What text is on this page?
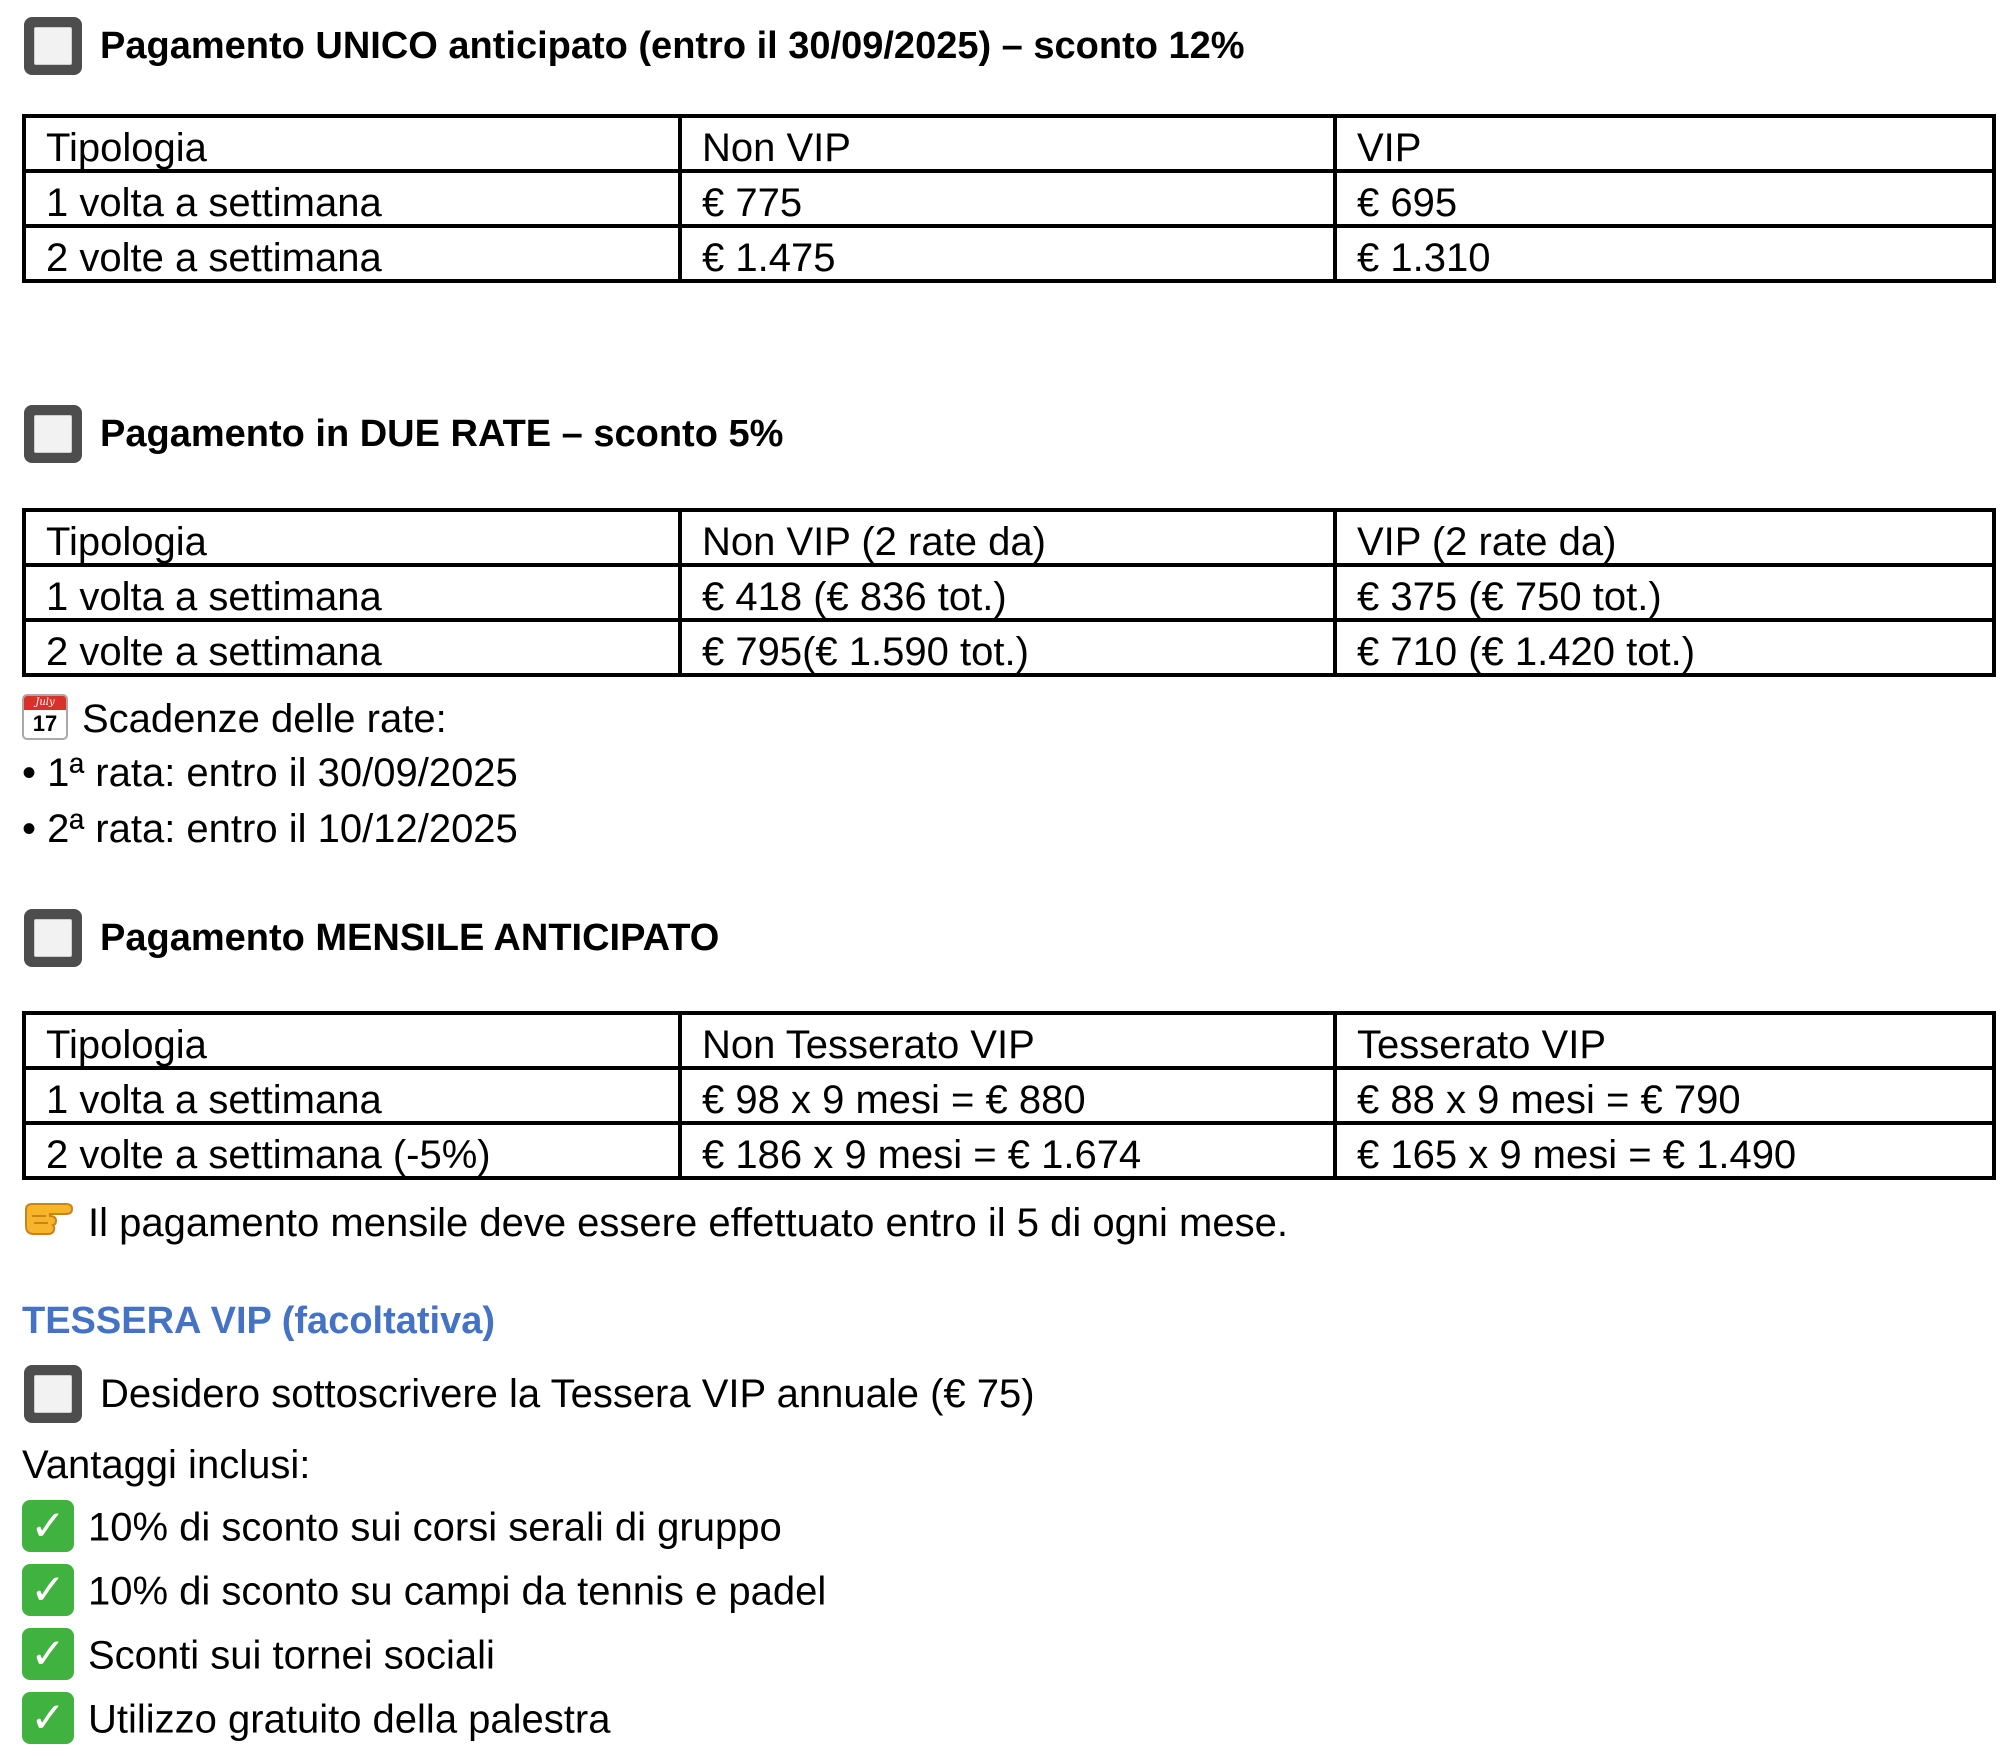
Pagamento UNICO anticipato (entro il 30/09/2025) – sconto 12%
Tipologia	Non VIP	VIP
1 volta a settimana	€ 775	€ 695
2 volte a settimana	€ 1.475	€ 1.310
Pagamento in DUE RATE – sconto 5%
Tipologia	Non VIP (2 rate da)	VIP (2 rate da)
1 volta a settimana	€ 418 (€ 836 tot.)	€ 375 (€ 750 tot.)
2 volte a settimana	€ 795(€ 1.590 tot.)	€ 710 (€ 1.420 tot.)
July
17 Scadenze delle rate:
• 1ª rata: entro il 30/09/2025
• 2ª rata: entro il 10/12/2025
Pagamento MENSILE ANTICIPATO
Tipologia	Non Tesserato VIP	Tesserato VIP
1 volta a settimana	€ 98 x 9 mesi = € 880	€ 88 x 9 mesi = € 790
2 volte a settimana (-5%)	€ 186 x 9 mesi = € 1.674	€ 165 x 9 mesi = € 1.490
Il pagamento mensile deve essere effettuato entro il 5 di ogni mese.
TESSERA VIP (facoltativa)
Desidero sottoscrivere la Tessera VIP annuale (€ 75)
Vantaggi inclusi:
✓ 10% di sconto sui corsi serali di gruppo
✓ 10% di sconto su campi da tennis e padel
✓ Sconti sui tornei sociali
✓ Utilizzo gratuito della palestra
